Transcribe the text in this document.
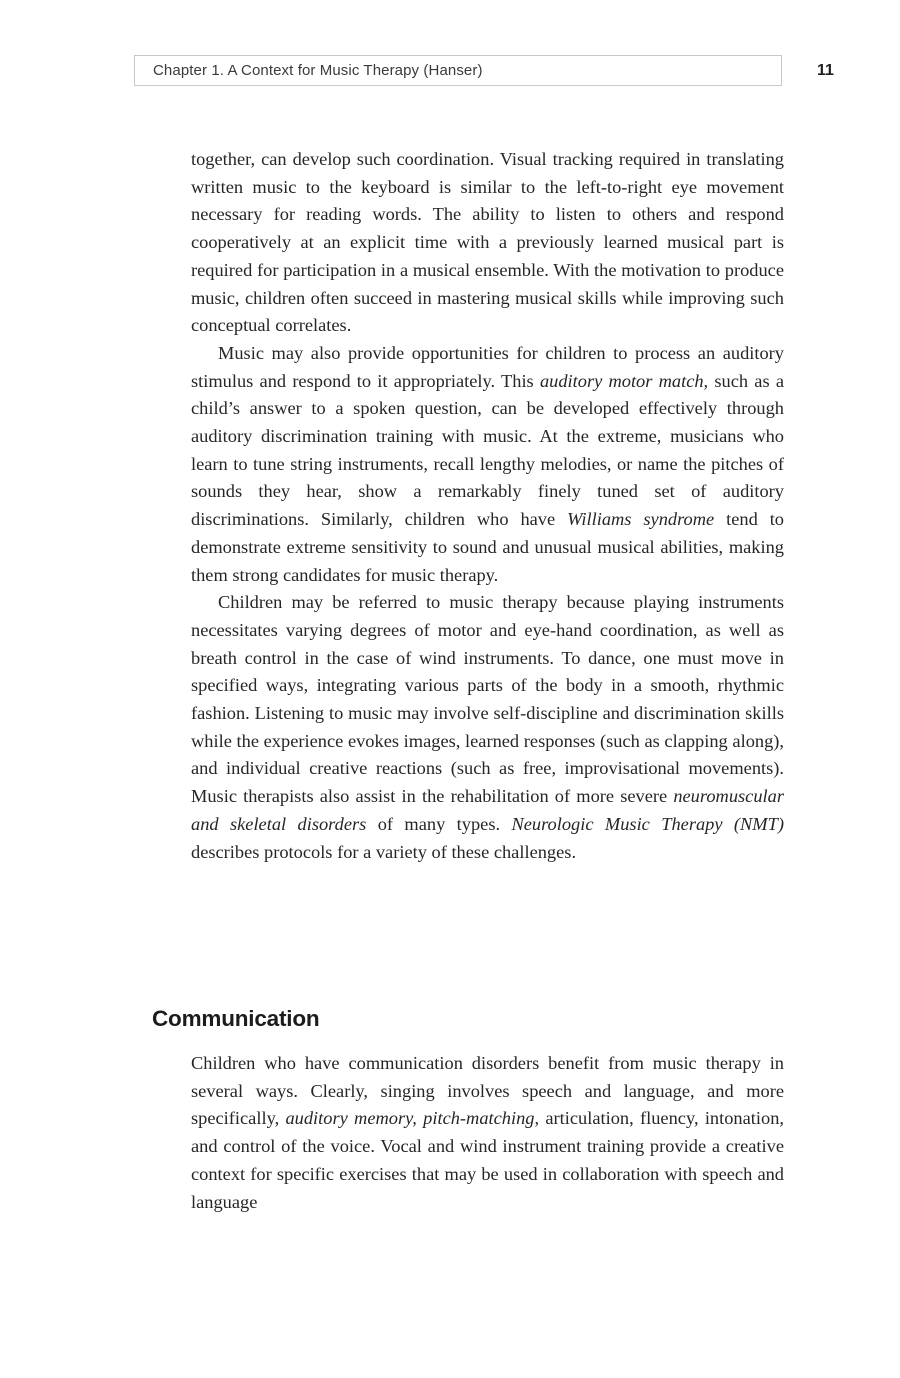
Chapter 1. A Context for Music Therapy (Hanser)	11

together, can develop such coordination. Visual tracking required in translating written music to the keyboard is similar to the left-to-right eye movement necessary for reading words. The ability to listen to others and respond cooperatively at an explicit time with a previously learned musical part is required for participation in a musical ensemble. With the motivation to produce music, children often succeed in mastering musical skills while improving such conceptual correlates.

Music may also provide opportunities for children to process an auditory stimulus and respond to it appropriately. This auditory motor match, such as a child’s answer to a spoken question, can be developed effectively through auditory discrimination training with music. At the extreme, musicians who learn to tune string instruments, recall lengthy melodies, or name the pitches of sounds they hear, show a remarkably finely tuned set of auditory discriminations. Similarly, children who have Williams syndrome tend to demonstrate extreme sensitivity to sound and unusual musical abilities, making them strong candidates for music therapy.

Children may be referred to music therapy because playing instruments necessitates varying degrees of motor and eye-hand coordination, as well as breath control in the case of wind instruments. To dance, one must move in specified ways, integrating various parts of the body in a smooth, rhythmic fashion. Listening to music may involve self-discipline and discrimination skills while the experience evokes images, learned responses (such as clapping along), and individual creative reactions (such as free, improvisational movements). Music therapists also assist in the rehabilitation of more severe neuromuscular and skeletal disorders of many types. Neurologic Music Therapy (NMT) describes protocols for a variety of these challenges.

Communication

Children who have communication disorders benefit from music therapy in several ways. Clearly, singing involves speech and language, and more specifically, auditory memory, pitch-matching, articulation, fluency, intonation, and control of the voice. Vocal and wind instrument training provide a creative context for specific exercises that may be used in collaboration with speech and language
